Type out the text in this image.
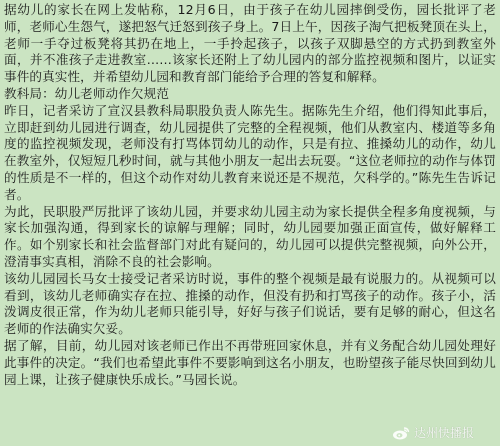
据幼儿的家长在网上发帖称，12月6日，由于孩子在幼儿园摔倒受伤，园长批评了老师，老师心生怨气，遂把怒气迁怒到孩子身上。7日上午，因孩子淘气把板凳顶在头上，老师一手夺过板凳将其扔在地上，一手拎起孩子，以孩子双脚悬空的方式扔到教室外面，并不准孩子走进教室……该家长还附上了幼儿园内的部分监控视频和图片，以证实事件的真实性，并希望幼儿园和教育部门能给予合理的答复和解释。

教科局：幼儿老师动作欠规范

昨日，记者采访了宣汉县教科局职股负责人陈先生。据陈先生介绍，他们得知此事后，立即赶到幼儿园进行调查，幼儿园提供了完整的全程视频，他们从教室内、楼道等多角度的监控视频发现，老师没有打骂体罚幼儿的动作，只是有拉、推搡幼儿的动作，幼儿在教室外，仅短短几秒时间，就与其他小朋友一起出去玩耍。“这位老师拉的动作与体罚的性质是不一样的，但这个动作对幼儿教育来说还是不规范，欠科学的。”陈先生告诉记者。

为此，民职股严厉批评了该幼儿园，并要求幼儿园主动为家长提供全程多角度视频，与家长加强沟通，得到家长的谅解与理解；同时，幼儿园要加强正面宣传，做好解释工作。如个别家长和社会监督部门对此有疑问的，幼儿园可以提供完整视频，向外公开，澄清事实真相，消除不良的社会影响。

该幼儿园园长马女士接受记者采访时说，事件的整个视频是最有说服力的。从视频可以看到，该幼儿老师确实存在拉、推搡的动作，但没有扔和打骂孩子的动作。孩子小，活泼调皮很正常，作为幼儿老师只能引导，好好与孩子们说话，要有足够的耐心，但这名老师的作法确实欠妥。

据了解，目前，幼儿园对该老师已作出不再带班回家休息，并有义务配合幼儿园处理好此事件的决定。“我们也希望此事件不要影响到这名小朋友，也盼望孩子能尽快回到幼儿园上课，让孩子健康快乐成长。”马园长说。

达州快播报
